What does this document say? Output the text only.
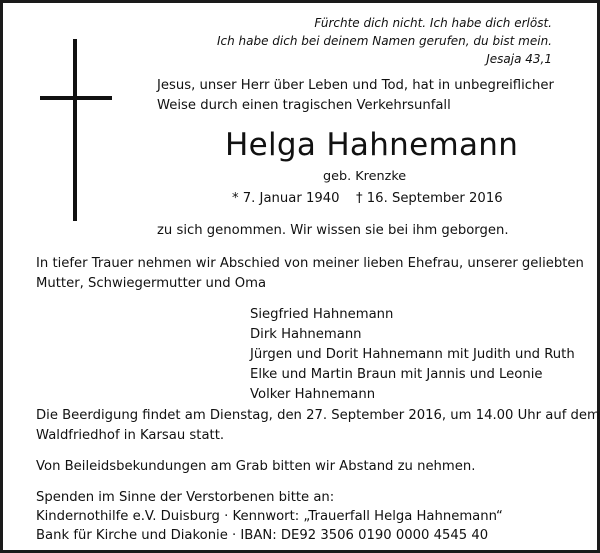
Fürchte dich nicht. Ich habe dich erlöst.
Ich habe dich bei deinem Namen gerufen, du bist mein.
Jesaja 43,1
Jesus, unser Herr über Leben und Tod, hat in unbegreiflicher
Weise durch einen tragischen Verkehrsunfall
Helga Hahnemann
geb. Krenzke
* 7. Januar 1940 † 16. September 2016
zu sich genommen. Wir wissen sie bei ihm geborgen.
In tiefer Trauer nehmen wir Abschied von meiner lieben Ehefrau, unserer geliebten
Mutter, Schwiegermutter und Oma
Siegfried Hahnemann
Dirk Hahnemann
Jürgen und Dorit Hahnemann mit Judith und Ruth
Elke und Martin Braun mit Jannis und Leonie
Volker Hahnemann
Die Beerdigung findet am Dienstag, den 27. September 2016, um 14.00 Uhr auf dem
Waldfriedhof in Karsau statt.
Von Beileidsbekundungen am Grab bitten wir Abstand zu nehmen.
Spenden im Sinne der Verstorbenen bitte an:
Kindernothilfe e.V. Duisburg · Kennwort: „Trauerfall Helga Hahnemann“
Bank für Kirche und Diakonie · IBAN: DE92 3506 0190 0000 4545 40
